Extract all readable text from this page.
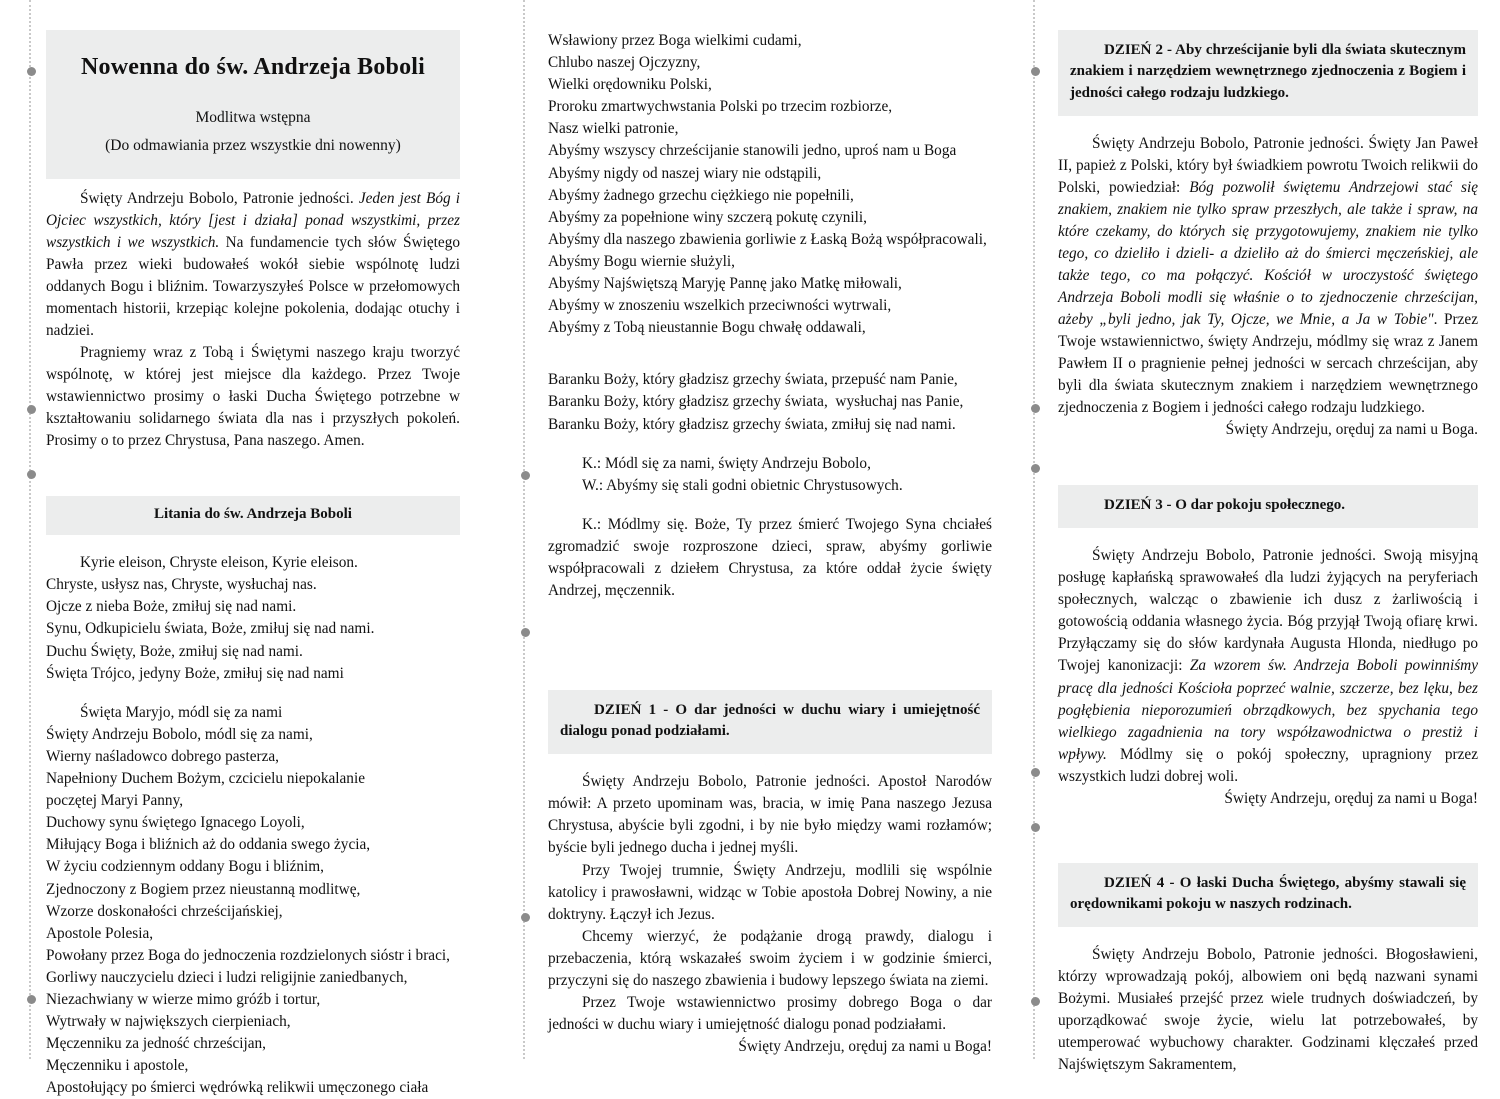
Nowenna do św. Andrzeja Boboli
Modlitwa wstępna
(Do odmawiania przez wszystkie dni nowenny)

Święty Andrzeju Bobolo, Patronie jedności. Jeden jest Bóg i Ojciec wszystkich, który [jest i działa] ponad wszystkimi, przez wszystkich i we wszystkich. Na fundamencie tych słów Świętego Pawła przez wieki budowałeś wokół siebie wspólnotę ludzi oddanych Bogu i bliźnim. Towarzyszyłeś Polsce w przełomowych momentach historii, krzepiąc kolejne pokolenia, dodając otuchy i nadziei.

Pragniemy wraz z Tobą i Świętymi naszego kraju tworzyć wspólnotę, w której jest miejsce dla każdego. Przez Twoje wstawiennictwo prosimy o łaski Ducha Świętego potrzebne w kształtowaniu solidarnego świata dla nas i przyszłych pokoleń. Prosimy o to przez Chrystusa, Pana naszego. Amen.

Litania do św. Andrzeja Boboli
Kyrie eleison, Chryste eleison, Kyrie eleison.
Chryste, usłysz nas, Chryste, wysłuchaj nas.
Ojcze z nieba Boże, zmiłuj się nad nami.
Synu, Odkupicielu świata, Boże, zmiłuj się nad nami.
Duchu Święty, Boże, zmiłuj się nad nami.
Święta Trójco, jedyny Boże, zmiłuj się nad nami
Święta Maryjo, módl się za nami
Święty Andrzeju Bobolo, módl się za nami,
Wierny naśladowco dobrego pasterza,
Napełniony Duchem Bożym, czcicielu niepokalanie
poczętej Maryi Panny,
Duchowy synu świętego Ignacego Loyoli,
Miłujący Boga i bliźnich aż do oddania swego życia,
W życiu codziennym oddany Bogu i bliźnim,
Zjednoczony z Bogiem przez nieustanną modlitwę,
Wzorze doskonałości chrześcijańskiej,
Apostole Polesia,
Powołany przez Boga do jednoczenia rozdzielonych sióstr i braci,
Gorliwy nauczycielu dzieci i ludzi religijnie zaniedbanych,
Niezachwiany w wierze mimo gróźb i tortur,
Wytrwały w największych cierpieniach,
Męczenniku za jedność chrześcijan,
Męczenniku i apostole,
Apostołujący po śmierci wędrówką relikwii umęczonego ciała
Wsławiony przez Boga wielkimi cudami,
Chlubo naszej Ojczyzny,
Wielki orędowniku Polski,
Proroku zmartwychwstania Polski po trzecim rozbiorze,
Nasz wielki patronie,
Abyśmy wszyscy chrześcijanie stanowili jedno, uproś nam u Boga
Abyśmy nigdy od naszej wiary nie odstąpili,
Abyśmy żadnego grzechu ciężkiego nie popełnili,
Abyśmy za popełnione winy szczerą pokutę czynili,
Abyśmy dla naszego zbawienia gorliwie z Łaską Bożą współpracowali,
Abyśmy Bogu wiernie służyli,
Abyśmy Najświętszą Maryję Pannę jako Matkę miłowali,
Abyśmy w znoszeniu wszelkich przeciwności wytrwali,
Abyśmy z Tobą nieustannie Bogu chwałę oddawali,
Baranku Boży, który gładzisz grzechy świata, przepuść nam Panie,
Baranku Boży, który gładzisz grzechy świata,  wysłuchaj nas Panie,
Baranku Boży, który gładzisz grzechy świata, zmiłuj się nad nami.
K.: Módl się za nami, święty Andrzeju Bobolo,
W.: Abyśmy się stali godni obietnic Chrystusowych.

K.: Módlmy się. Boże, Ty przez śmierć Twojego Syna chciałeś zgromadzić swoje rozproszone dzieci, spraw, abyśmy gorliwie współpracowali z dziełem Chrystusa, za które oddał życie święty Andrzej, męczennik.

DZIEŃ 1 - O dar jedności w duchu wiary i umiejętność dialogu ponad podziałami.

Święty Andrzeju Bobolo, Patronie jedności. Apostoł Narodów mówił: A przeto upominam was, bracia, w imię Pana naszego Jezusa Chrystusa, abyście byli zgodni, i by nie było między wami rozłamów; byście byli jednego ducha i jednej myśli.

Przy Twojej trumnie, Święty Andrzeju, modlili się wspólnie katolicy i prawosławni, widząc w Tobie apostoła Dobrej Nowiny, a nie doktryny. Łączył ich Jezus.

Chcemy wierzyć, że podążanie drogą prawdy, dialogu i przebaczenia, którą wskazałeś swoim życiem i w godzinie śmierci, przyczyni się do naszego zbawienia i budowy lepszego świata na ziemi.

Przez Twoje wstawiennictwo prosimy dobrego Boga o dar jedności w duchu wiary i umiejętność dialogu ponad podziałami.

Święty Andrzeju, oręduj za nami u Boga!

DZIEŃ 2 - Aby chrześcijanie byli dla świata skutecznym znakiem i narzędziem wewnętrznego zjednoczenia z Bogiem i jedności całego rodzaju ludzkiego.

Święty Andrzeju Bobolo, Patronie jedności. Święty Jan Paweł II, papież z Polski, który był świadkiem powrotu Twoich relikwii do Polski, powiedział: Bóg pozwolił świętemu Andrzejowi stać się znakiem, znakiem nie tylko spraw przeszłych, ale także i spraw, na które czekamy, do których się przygotowujemy, znakiem nie tylko tego, co dzieliło i dzieli- a dzieliło aż do śmierci męczeńskiej, ale także tego, co ma połączyć. Kościół w uroczystość świętego Andrzeja Boboli modli się właśnie o to zjednoczenie chrześcijan, ażeby „byli jedno, jak Ty, Ojcze, we Mnie, a Ja w Tobie". Przez Twoje wstawiennictwo, święty Andrzeju, módlmy się wraz z Janem Pawłem II o pragnienie pełnej jedności w sercach chrześcijan, aby byli dla świata skutecznym znakiem i narzędziem wewnętrznego zjednoczenia z Bogiem i jedności całego rodzaju ludzkiego.

Święty Andrzeju, oręduj za nami u Boga.

DZIEŃ 3 - O dar pokoju społecznego.

Święty Andrzeju Bobolo, Patronie jedności. Swoją misyjną posługę kapłańską sprawowałeś dla ludzi żyjących na peryferiach społecznych, walcząc o zbawienie ich dusz z żarliwością i gotowością oddania własnego życia. Bóg przyjął Twoją ofiarę krwi. Przyłączamy się do słów kardynała Augusta Hlonda, niedługo po Twojej kanonizacji: Za wzorem św. Andrzeja Boboli powinniśmy pracę dla jedności Kościoła poprzeć walnie, szczerze, bez lęku, bez pogłębienia nieporozumień obrządkowych, bez spychania tego wielkiego zagadnienia na tory współzawodnictwa o prestiż i wpływy. Módlmy się o pokój społeczny, upragniony przez wszystkich ludzi dobrej woli.

Święty Andrzeju, oręduj za nami u Boga!

DZIEŃ 4 - O łaski Ducha Świętego, abyśmy stawali się orędownikami pokoju w naszych rodzinach.

Święty Andrzeju Bobolo, Patronie jedności. Błogosławieni, którzy wprowadzają pokój, albowiem oni będą nazwani synami Bożymi. Musiałeś przejść przez wiele trudnych doświadczeń, by uporządkować swoje życie, wielu lat potrzebowałeś, by utemperować wybuchowy charakter. Godzinami klęczałeś przed Najświętszym Sakramentem,
